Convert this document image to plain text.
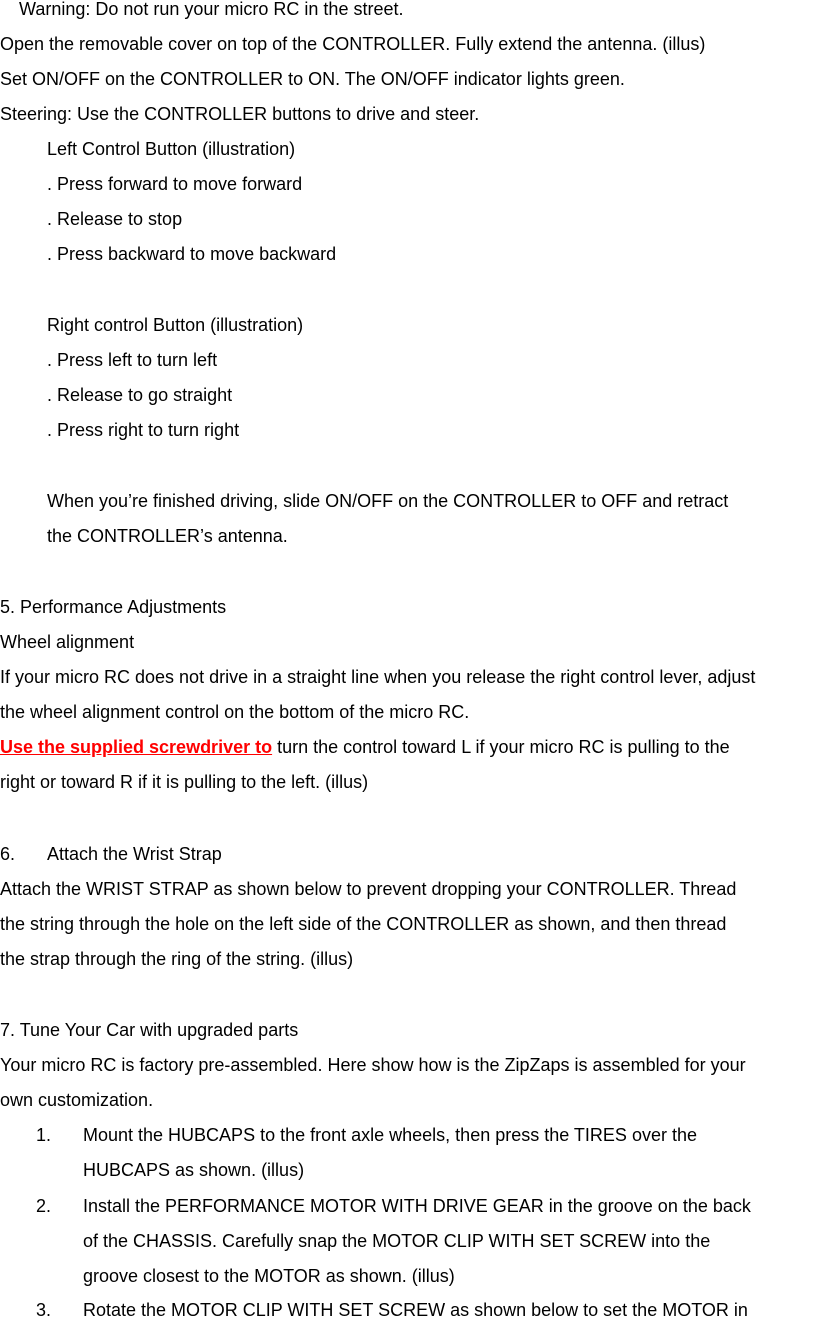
Warning: Do not run your micro RC in the street.
Open the removable cover on top of the CONTROLLER. Fully extend the antenna. (illus)
Set ON/OFF on the CONTROLLER to ON. The ON/OFF indicator lights green.
Steering: Use the CONTROLLER buttons to drive and steer.
Left Control Button (illustration)
. Press forward to move forward
. Release to stop
. Press backward to move backward
Right control Button (illustration)
. Press left to turn left
. Release to go straight
. Press right to turn right
When you’re finished driving, slide ON/OFF on the CONTROLLER to OFF and retract
the CONTROLLER’s antenna.
5. Performance Adjustments
Wheel alignment
If your micro RC does not drive in a straight line when you release the right control lever, adjust
the wheel alignment control on the bottom of the micro RC.
Use the supplied screwdriver to turn the control toward L if your micro RC is pulling to the
right or toward R if it is pulling to the left. (illus)
6. Attach the Wrist Strap
Attach the WRIST STRAP as shown below to prevent dropping your CONTROLLER. Thread
the string through the hole on the left side of the CONTROLLER as shown, and then thread
the strap through the ring of the string. (illus)
7. Tune Your Car with upgraded parts
Your micro RC is factory pre-assembled. Here show how is the ZipZaps is assembled for your
own customization.
1. Mount the HUBCAPS to the front axle wheels, then press the TIRES over the
HUBCAPS as shown. (illus)
2. Install the PERFORMANCE MOTOR WITH DRIVE GEAR in the groove on the back
of the CHASSIS. Carefully snap the MOTOR CLIP WITH SET SCREW into the
groove closest to the MOTOR as shown. (illus)
3. Rotate the MOTOR CLIP WITH SET SCREW as shown below to set the MOTOR in
